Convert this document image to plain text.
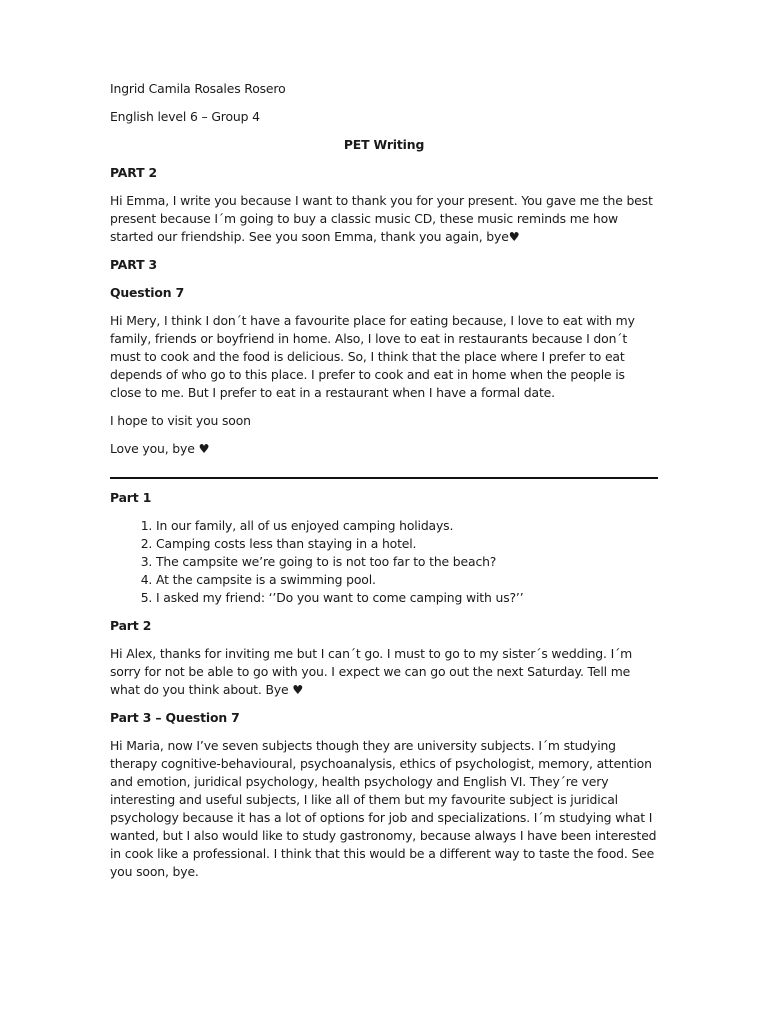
Ingrid Camila Rosales Rosero

English level 6 – Group 4

PET Writing

PART 2

Hi Emma, I write you because I want to thank you for your present. You gave me the best present because I´m going to buy a classic music CD, these music reminds me how started our friendship. See you soon Emma, thank you again, bye♥

PART 3

Question 7

Hi Mery, I think I don´t have a favourite place for eating because, I love to eat with my family, friends or boyfriend in home. Also, I love to eat in restaurants because I don´t must to cook and the food is delicious. So, I think that the place where I prefer to eat depends of who go to this place. I prefer to cook and eat in home when the people is close to me. But I prefer to eat in a restaurant when I have a formal date.

I hope to visit you soon

Love you, bye ♥

Part 1

1. In our family, all of us enjoyed camping holidays.
2. Camping costs less than staying in a hotel.
3. The campsite we’re going to is not too far to the beach?
4. At the campsite is a swimming pool.
5. I asked my friend: ‘’Do you want to come camping with us?’’

Part 2

Hi Alex, thanks for inviting me but I can´t go. I must to go to my sister´s wedding. I´m sorry for not be able to go with you. I expect we can go out the next Saturday. Tell me what do you think about. Bye ♥

Part 3 – Question 7

Hi Maria, now I’ve seven subjects though they are university subjects. I´m studying therapy cognitive-behavioural, psychoanalysis, ethics of psychologist, memory, attention and emotion, juridical psychology, health psychology and English VI. They´re very interesting and useful subjects, I like all of them but my favourite subject is juridical psychology because it has a lot of options for job and specializations. I´m studying what I wanted, but I also would like to study gastronomy, because always I have been interested in cook like a professional. I think that this would be a different way to taste the food. See you soon, bye.
